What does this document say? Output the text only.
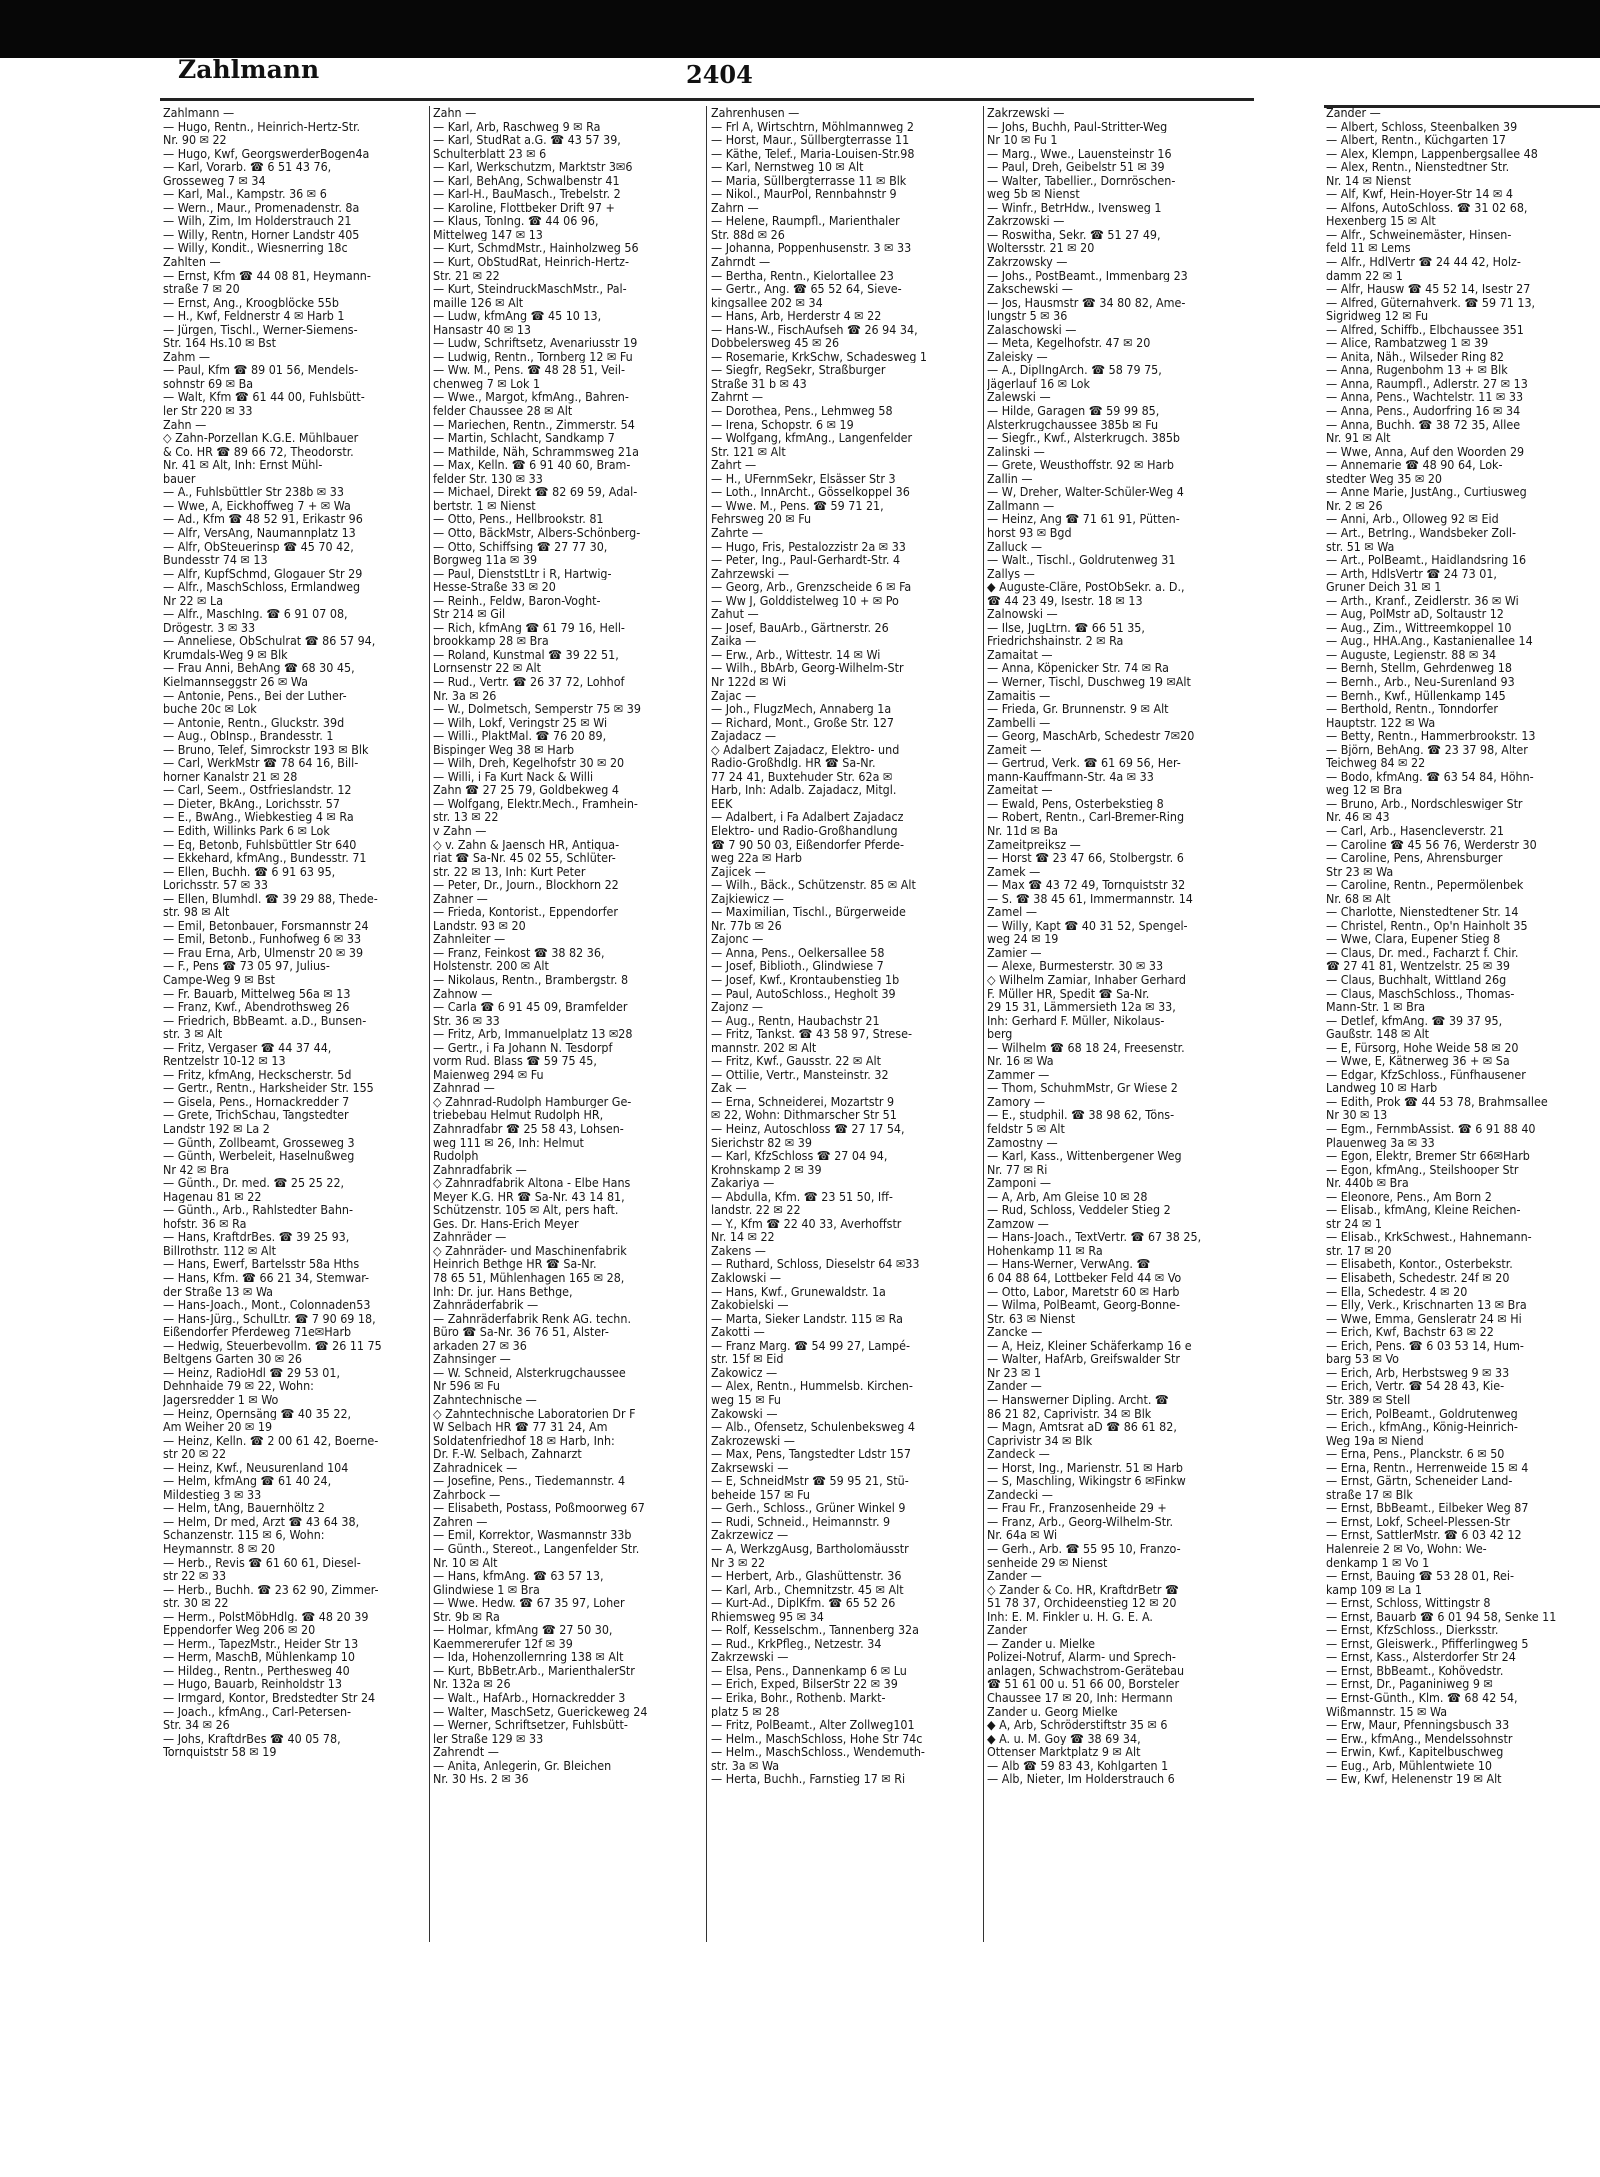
Zahlmann	2404
Zahlmann —
— Hugo, Rentn., Heinrich-Hertz-Str.
Nr. 90 ✉ 22
— Hugo, Kwf, GeorgswerderBogen4a
— Karl, Vorarb. ☎ 6 51 43 76,
Grosseweg 7 ✉ 34
— Karl, Mal., Kampstr. 36 ✉ 6
— Wern., Maur., Promenadenstr. 8a
— Wilh, Zim, Im Holderstrauch 21
— Willy, Rentn, Horner Landstr 405
— Willy, Kondit., Wiesnerring 18c
Zahlten —
— Ernst, Kfm ☎ 44 08 81, Heymann-
straße 7 ✉ 20
— Ernst, Ang., Kroogblöcke 55b
— H., Kwf, Feldnerstr 4 ✉ Harb 1
— Jürgen, Tischl., Werner-Siemens-
Str. 164 Hs.10 ✉ Bst
Zahm —
— Paul, Kfm ☎ 89 01 56, Mendels-
sohnstr 69 ✉ Ba
— Walt, Kfm ☎ 61 44 00, Fuhlsbütt-
ler Str 220 ✉ 33
Zahn —
◇ Zahn-Porzellan K.G.E. Mühlbauer
& Co. HR ☎ 89 66 72, Theodorstr.
Nr. 41 ✉ Alt, Inh: Ernst Mühl-
bauer
— A., Fuhlsbüttler Str 238b ✉ 33
— Wwe, A, Eickhoffweg 7 + ✉ Wa
— Ad., Kfm ☎ 48 52 91, Erikastr 96
— Alfr, VersAng, Naumannplatz 13
— Alfr, ObSteuerinsp ☎ 45 70 42,
Bundesstr 74 ✉ 13
— Alfr, KupfSchmd, Glogauer Str 29
— Alfr., MaschSchloss, Ermlandweg
Nr 22 ✉ La
— Alfr., MaschIng. ☎ 6 91 07 08,
Drögestr. 3 ✉ 33
— Anneliese, ObSchulrat ☎ 86 57 94,
Krumdals-Weg 9 ✉ Blk
— Frau Anni, BehAng ☎ 68 30 45,
Kielmannseggstr 26 ✉ Wa
— Antonie, Pens., Bei der Luther-
buche 20c ✉ Lok
— Antonie, Rentn., Gluckstr. 39d
— Aug., ObInsp., Brandesstr. 1
— Bruno, Telef, Simrockstr 193 ✉ Blk
— Carl, WerkMstr ☎ 78 64 16, Bill-
horner Kanalstr 21 ✉ 28
— Carl, Seem., Ostfrieslandstr. 12
— Dieter, BkAng., Lorichsstr. 57
— E., BwAng., Wiebkestieg 4 ✉ Ra
— Edith, Willinks Park 6 ✉ Lok
— Eq, Betonb, Fuhlsbüttler Str 640
— Ekkehard, kfmAng., Bundesstr. 71
— Ellen, Buchh. ☎ 6 91 63 95,
Lorichsstr. 57 ✉ 33
— Ellen, Blumhdl. ☎ 39 29 88, Thede-
str. 98 ✉ Alt
— Emil, Betonbauer, Forsmannstr 24
— Emil, Betonb., Funhofweg 6 ✉ 33
— Frau Erna, Arb, Ulmenstr 20 ✉ 39
— F., Pens ☎ 73 05 97, Julius-
Campe-Weg 9 ✉ Bst
— Fr. Bauarb, Mittelweg 56a ✉ 13
— Franz, Kwf., Abendrothsweg 26
— Friedrich, BbBeamt. a.D., Bunsen-
str. 3 ✉ Alt
— Fritz, Vergaser ☎ 44 37 44,
Rentzelstr 10-12 ✉ 13
— Fritz, kfmAng, Heckscherstr. 5d
— Gertr., Rentn., Harksheider Str. 155
— Gisela, Pens., Hornackredder 7
— Grete, TrichSchau, Tangstedter
Landstr 192 ✉ La 2
— Günth, Zollbeamt, Grosseweg 3
— Günth, Werbeleit, Haselnußweg
Nr 42 ✉ Bra
— Günth., Dr. med. ☎ 25 25 22,
Hagenau 81 ✉ 22
— Günth., Arb., Rahlstedter Bahn-
hofstr. 36 ✉ Ra
— Hans, KraftdrBes. ☎ 39 25 93,
Billrothstr. 112 ✉ Alt
— Hans, Ewerf, Bartelsstr 58a Hths
— Hans, Kfm. ☎ 66 21 34, Stemwar-
der Straße 13 ✉ Wa
— Hans-Joach., Mont., Colonnaden53
— Hans-Jürg., SchulLtr. ☎ 7 90 69 18,
Eißendorfer Pferdeweg 71e✉Harb
— Hedwig, Steuerbevollm. ☎ 26 11 75
Beltgens Garten 30 ✉ 26
— Heinz, RadioHdl ☎ 29 53 01,
Dehnhaide 79 ✉ 22, Wohn:
Jagersredder 1 ✉ Wo
— Heinz, Opernsäng ☎ 40 35 22,
Am Weiher 20 ✉ 19
— Heinz, Kelln. ☎ 2 00 61 42, Boerne-
str 20 ✉ 22
— Heinz, Kwf., Neusurenland 104
— Helm, kfmAng ☎ 61 40 24,
Mildestieg 3 ✉ 33
— Helm, tAng, Bauernhöltz 2
— Helm, Dr med, Arzt ☎ 43 64 38,
Schanzenstr. 115 ✉ 6, Wohn:
Heymannstr. 8 ✉ 20
— Herb., Revis ☎ 61 60 61, Diesel-
str 22 ✉ 33
— Herb., Buchh. ☎ 23 62 90, Zimmer-
str. 30 ✉ 22
— Herm., PolstMöbHdlg. ☎ 48 20 39
Eppendorfer Weg 206 ✉ 20
— Herm., TapezMstr., Heider Str 13
— Herm, MaschB, Mühlenkamp 10
— Hildeg., Rentn., Perthesweg 40
— Hugo, Bauarb, Reinholdstr 13
— Irmgard, Kontor, Bredstedter Str 24
— Joach., kfmAng., Carl-Petersen-
Str. 34 ✉ 26
— Johs, KraftdrBes ☎ 40 05 78,
Tornquiststr 58 ✉ 19
Zahn —
— Karl, Arb, Raschweg 9 ✉ Ra
— Karl, StudRat a.G. ☎ 43 57 39,
Schulterblatt 23 ✉ 6
— Karl, Werkschutzm, Marktstr 3✉6
— Karl, BehAng, Schwalbenstr 41
— Karl-H., BauMasch., Trebelstr. 2
— Karoline, Flottbeker Drift 97 +
— Klaus, TonIng. ☎ 44 06 96,
Mittelweg 147 ✉ 13
— Kurt, SchmdMstr., Hainholzweg 56
— Kurt, ObStudRat, Heinrich-Hertz-
Str. 21 ✉ 22
— Kurt, SteindruckMaschMstr., Pal-
maille 126 ✉ Alt
— Ludw, kfmAng ☎ 45 10 13,
Hansastr 40 ✉ 13
— Ludw, Schriftsetz, Avenariusstr 19
— Ludwig, Rentn., Tornberg 12 ✉ Fu
— Ww. M., Pens. ☎ 48 28 51, Veil-
chenweg 7 ✉ Lok 1
— Wwe., Margot, kfmAng., Bahren-
felder Chaussee 28 ✉ Alt
— Mariechen, Rentn., Zimmerstr. 54
— Martin, Schlacht, Sandkamp 7
— Mathilde, Näh, Schrammsweg 21a
— Max, Kelln. ☎ 6 91 40 60, Bram-
felder Str. 130 ✉ 33
— Michael, Direkt ☎ 82 69 59, Adal-
bertstr. 1 ✉ Nienst
— Otto, Pens., Hellbrookstr. 81
— Otto, BäckMstr, Albers-Schönberg-
— Otto, Schiffsing ☎ 27 77 30,
Borgweg 11a ✉ 39
— Paul, DienststLtr i R, Hartwig-
Hesse-Straße 33 ✉ 20
— Reinh., Feldw, Baron-Voght-
Str 214 ✉ Gil
— Rich, kfmAng ☎ 61 79 16, Hell-
brookkamp 28 ✉ Bra
— Roland, Kunstmal ☎ 39 22 51,
Lornsenstr 22 ✉ Alt
— Rud., Vertr. ☎ 26 37 72, Lohhof
Nr. 3a ✉ 26
— W., Dolmetsch, Semperstr 75 ✉ 39
— Wilh, Lokf, Veringstr 25 ✉ Wi
— Willi., PlaktMal. ☎ 76 20 89,
Bispinger Weg 38 ✉ Harb
— Wilh, Dreh, Kegelhofstr 30 ✉ 20
— Willi, i Fa Kurt Nack & Willi
Zahn ☎ 27 25 79, Goldbekweg 4
— Wolfgang, Elektr.Mech., Framhein-
str. 13 ✉ 22
v Zahn —
◇ v. Zahn & Jaensch HR, Antiqua-
riat ☎ Sa-Nr. 45 02 55, Schlüter-
str. 22 ✉ 13, Inh: Kurt Peter
— Peter, Dr., Journ., Blockhorn 22
Zahner —
— Frieda, Kontorist., Eppendorfer
Landstr. 93 ✉ 20
Zahnleiter —
— Franz, Feinkost ☎ 38 82 36,
Holstenstr. 200 ✉ Alt
— Nikolaus, Rentn., Brambergstr. 8
Zahnow —
— Carla ☎ 6 91 45 09, Bramfelder
Str. 36 ✉ 33
— Fritz, Arb, Immanuelplatz 13 ✉28
— Gertr., i Fa Johann N. Tesdorpf
vorm Rud. Blass ☎ 59 75 45,
Maienweg 294 ✉ Fu
Zahnrad —
◇ Zahnrad-Rudolph Hamburger Ge-
triebebau Helmut Rudolph HR,
Zahnradfabr ☎ 25 58 43, Lohsen-
weg 111 ✉ 26, Inh: Helmut
Rudolph
Zahnradfabrik —
◇ Zahnradfabrik Altona - Elbe Hans
Meyer K.G. HR ☎ Sa-Nr. 43 14 81,
Schützenstr. 105 ✉ Alt, pers haft.
Ges. Dr. Hans-Erich Meyer
Zahnräder —
◇ Zahnräder- und Maschinenfabrik
Heinrich Bethge HR ☎ Sa-Nr.
78 65 51, Mühlenhagen 165 ✉ 28,
Inh: Dr. jur. Hans Bethge,
Zahnräderfabrik —
— Zahnräderfabrik Renk AG. techn.
Büro ☎ Sa-Nr. 36 76 51, Alster-
arkaden 27 ✉ 36
Zahnsinger —
— W. Schneid, Alsterkrugchaussee
Nr 596 ✉ Fu
Zahntechnische —
◇ Zahntechnische Laboratorien Dr F
W Selbach HR ☎ 77 31 24, Am
Soldatenfriedhof 18 ✉ Harb, Inh:
Dr. F.-W. Selbach, Zahnarzt
Zahradnicek —
— Josefine, Pens., Tiedemannstr. 4
Zahrbock —
— Elisabeth, Postass, Poßmoorweg 67
Zahren —
— Emil, Korrektor, Wasmannstr 33b
— Günth., Stereot., Langenfelder Str.
Nr. 10 ✉ Alt
— Hans, kfmAng. ☎ 63 57 13,
Glindwiese 1 ✉ Bra
— Wwe. Hedw. ☎ 67 35 97, Loher
Str. 9b ✉ Ra
— Holmar, kfmAng ☎ 27 50 30,
Kaemmererufer 12f ✉ 39
— Ida, Hohenzollernring 138 ✉ Alt
— Kurt, BbBetr.Arb., MarienthalerStr
Nr. 132a ✉ 26
— Walt., HafArb., Hornackredder 3
— Walter, MaschSetz, Guerickeweg 24
— Werner, Schriftsetzer, Fuhlsbütt-
ler Straße 129 ✉ 33
Zahrendt —
— Anita, Anlegerin, Gr. Bleichen
Nr. 30 Hs. 2 ✉ 36
Zahrenhusen —
— Frl A, Wirtschtrn, Möhlmannweg 2
— Horst, Maur., Süllbergterrasse 11
— Käthe, Telef., Maria-Louisen-Str.98
— Karl, Nernstweg 10 ✉ Alt
— Maria, Süllbergterrasse 11 ✉ Blk
— Nikol., MaurPol, Rennbahnstr 9
Zahrn —
— Helene, Raumpfl., Marienthaler
Str. 88d ✉ 26
— Johanna, Poppenhusenstr. 3 ✉ 33
Zahrndt —
— Bertha, Rentn., Kielortallee 23
— Gertr., Ang. ☎ 65 52 64, Sieve-
kingsallee 202 ✉ 34
— Hans, Arb, Herderstr 4 ✉ 22
— Hans-W., FischAufseh ☎ 26 94 34,
Dobbelersweg 45 ✉ 26
— Rosemarie, KrkSchw, Schadesweg 1
— Siegfr, RegSekr, Straßburger
Straße 31 b ✉ 43
Zahrnt —
— Dorothea, Pens., Lehmweg 58
— Irena, Schopstr. 6 ✉ 19
— Wolfgang, kfmAng., Langenfelder
Str. 121 ✉ Alt
Zahrt —
— H., UFernmSekr, Elsässer Str 3
— Loth., InnArcht., Gösselkoppel 36
— Wwe. M., Pens. ☎ 59 71 21,
Fehrsweg 20 ✉ Fu
Zahrte —
— Hugo, Fris, Pestalozzistr 2a ✉ 33
— Peter, Ing., Paul-Gerhardt-Str. 4
Zahrzewski —
— Georg, Arb., Grenzscheide 6 ✉ Fa
— Ww J, Golddistelweg 10 + ✉ Po
Zahut —
— Josef, BauArb., Gärtnerstr. 26
Zaika —
— Erw., Arb., Wittestr. 14 ✉ Wi
— Wilh., BbArb, Georg-Wilhelm-Str
Nr 122d ✉ Wi
Zajac —
— Joh., FlugzMech, Annaberg 1a
— Richard, Mont., Große Str. 127
Zajadacz —
◇ Adalbert Zajadacz, Elektro- und
Radio-Großhdlg. HR ☎ Sa-Nr.
77 24 41, Buxtehuder Str. 62a ✉
Harb, Inh: Adalb. Zajadacz, Mitgl.
EEK
— Adalbert, i Fa Adalbert Zajadacz
Elektro- und Radio-Großhandlung
☎ 7 90 50 03, Eißendorfer Pferde-
weg 22a ✉ Harb
Zajicek —
— Wilh., Bäck., Schützenstr. 85 ✉ Alt
Zajkiewicz —
— Maximilian, Tischl., Bürgerweide
Nr. 77b ✉ 26
Zajonc —
— Anna, Pens., Oelkersallee 58
— Josef, Biblioth., Glindwiese 7
— Josef, Kwf., Krontaubenstieg 1b
— Paul, AutoSchloss., Hegholt 39
Zajonz —
— Aug., Rentn, Haubachstr 21
— Fritz, Tankst. ☎ 43 58 97, Strese-
mannstr. 202 ✉ Alt
— Fritz, Kwf., Gausstr. 22 ✉ Alt
— Ottilie, Vertr., Mansteinstr. 32
Zak —
— Erna, Schneiderei, Mozartstr 9
✉ 22, Wohn: Dithmarscher Str 51
— Heinz, Autoschloss ☎ 27 17 54,
Sierichstr 82 ✉ 39
— Karl, KfzSchloss ☎ 27 04 94,
Krohnskamp 2 ✉ 39
Zakariya —
— Abdulla, Kfm. ☎ 23 51 50, Iff-
landstr. 22 ✉ 22
— Y., Kfm ☎ 22 40 33, Averhoffstr
Nr. 14 ✉ 22
Zakens —
— Ruthard, Schloss, Dieselstr 64 ✉33
Zaklowski —
— Hans, Kwf., Grunewaldstr. 1a
Zakobielski —
— Marta, Sieker Landstr. 115 ✉ Ra
Zakotti —
— Franz Marg. ☎ 54 99 27, Lampé-
str. 15f ✉ Eid
Zakowicz —
— Alex, Rentn., Hummelsb. Kirchen-
weg 15 ✉ Fu
Zakowski —
— Alb., Ofensetz, Schulenbeksweg 4
Zakrozewski —
— Max, Pens, Tangstedter Ldstr 157
Zakrsewski —
— E, SchneidMstr ☎ 59 95 21, Stü-
beheide 157 ✉ Fu
— Gerh., Schloss., Grüner Winkel 9
— Rudi, Schneid., Heimannstr. 9
Zakrzewicz —
— A, WerkzgAusg, Bartholomäusstr
Nr 3 ✉ 22
— Herbert, Arb., Glashüttenstr. 36
— Karl, Arb., Chemnitzstr. 45 ✉ Alt
— Kurt-Ad., DiplKfm. ☎ 65 52 26
Rhiemsweg 95 ✉ 34
— Rolf, Kesselschm., Tannenberg 32a
— Rud., KrkPfleg., Netzestr. 34
Zakrzewski —
— Elsa, Pens., Dannenkamp 6 ✉ Lu
— Erich, Exped, BilserStr 22 ✉ 39
— Erika, Bohr., Rothenb. Markt-
platz 5 ✉ 28
— Fritz, PolBeamt., Alter Zollweg101
— Helm., MaschSchloss, Hohe Str 74c
— Helm., MaschSchloss., Wendemuth-
str. 3a ✉ Wa
— Herta, Buchh., Farnstieg 17 ✉ Ri
Zakrzewski —
— Johs, Buchh, Paul-Stritter-Weg
Nr 10 ✉ Fu 1
— Marg., Wwe., Lauensteinstr 16
— Paul, Dreh, Geibelstr 51 ✉ 39
— Walter, Tabellier., Dornröschen-
weg 5b ✉ Nienst
— Winfr., BetrHdw., Ivensweg 1
Zakrzowski —
— Roswitha, Sekr. ☎ 51 27 49,
Woltersstr. 21 ✉ 20
Zakrzowsky —
— Johs., PostBeamt., Immenbarg 23
Zakschewski —
— Jos, Hausmstr ☎ 34 80 82, Ame-
lungstr 5 ✉ 36
Zalaschowski —
— Meta, Kegelhofstr. 47 ✉ 20
Zaleisky —
— A., DiplIngArch. ☎ 58 79 75,
Jägerlauf 16 ✉ Lok
Zalewski —
— Hilde, Garagen ☎ 59 99 85,
Alsterkrugchaussee 385b ✉ Fu
— Siegfr., Kwf., Alsterkrugch. 385b
Zalinski —
— Grete, Weusthoffstr. 92 ✉ Harb
Zallin —
— W, Dreher, Walter-Schüler-Weg 4
Zallmann —
— Heinz, Ang ☎ 71 61 91, Pütten-
horst 93 ✉ Bgd
Zalluck —
— Walt., Tischl., Goldrutenweg 31
Zallys —
◆ Auguste-Cläre, PostObSekr. a. D.,
☎ 44 23 49, Isestr. 18 ✉ 13
Zalnowski —
— Ilse, JugLtrn. ☎ 66 51 35,
Friedrichshainstr. 2 ✉ Ra
Zamaitat —
— Anna, Köpenicker Str. 74 ✉ Ra
— Werner, Tischl, Duschweg 19 ✉Alt
Zamaitis —
— Frieda, Gr. Brunnenstr. 9 ✉ Alt
Zambelli —
— Georg, MaschArb, Schedestr 7✉20
Zameit —
— Gertrud, Verk. ☎ 61 69 56, Her-
mann-Kauffmann-Str. 4a ✉ 33
Zameitat —
— Ewald, Pens, Osterbekstieg 8
— Robert, Rentn., Carl-Bremer-Ring
Nr. 11d ✉ Ba
Zameitpreiksz —
— Horst ☎ 23 47 66, Stolbergstr. 6
Zamek —
— Max ☎ 43 72 49, Tornquiststr 32
— S. ☎ 38 45 61, Immermannstr. 14
Zamel —
— Willy, Kapt ☎ 40 31 52, Spengel-
weg 24 ✉ 19
Zamier —
— Alexe, Burmesterstr. 30 ✉ 33
◇ Wilhelm Zamiar, Inhaber Gerhard
F. Müller HR, Spedit ☎ Sa-Nr.
29 15 31, Lämmersieth 12a ✉ 33,
Inh: Gerhard F. Müller, Nikolaus-
berg
— Wilhelm ☎ 68 18 24, Freesenstr.
Nr. 16 ✉ Wa
Zammer —
— Thom, SchuhmMstr, Gr Wiese 2
Zamory —
— E., studphil. ☎ 38 98 62, Töns-
feldstr 5 ✉ Alt
Zamostny —
— Karl, Kass., Wittenbergener Weg
Nr. 77 ✉ Ri
Zamponi —
— A, Arb, Am Gleise 10 ✉ 28
— Rud, Schloss, Veddeler Stieg 2
Zamzow —
— Hans-Joach., TextVertr. ☎ 67 38 25,
Hohenkamp 11 ✉ Ra
— Hans-Werner, VerwAng. ☎
6 04 88 64, Lottbeker Feld 44 ✉ Vo
— Otto, Labor, Maretstr 60 ✉ Harb
— Wilma, PolBeamt, Georg-Bonne-
Str. 63 ✉ Nienst
Zancke —
— A, Heiz, Kleiner Schäferkamp 16 e
— Walter, HafArb, Greifswalder Str
Nr 23 ✉ 1
Zander —
— Hanswerner Dipling. Archt. ☎
86 21 82, Caprivistr. 34 ✉ Blk
— Magn, Amtsrat aD ☎ 86 61 82,
Caprivistr 34 ✉ Blk
Zandeck —
— Horst, Ing., Marienstr. 51 ✉ Harb
— S, Maschling, Wikingstr 6 ✉Finkw
Zandecki —
— Frau Fr., Franzosenheide 29 +
— Franz, Arb., Georg-Wilhelm-Str.
Nr. 64a ✉ Wi
— Gerh., Arb. ☎ 55 95 10, Franzo-
senheide 29 ✉ Nienst
Zander —
◇ Zander & Co. HR, KraftdrBetr ☎
51 78 37, Orchideenstieg 12 ✉ 20
Inh: E. M. Finkler u. H. G. E. A.
Zander
— Zander u. Mielke
Polizei-Notruf, Alarm- und Sprech-
anlagen, Schwachstrom-Gerätebau
☎ 51 61 00 u. 51 66 00, Borsteler
Chaussee 17 ✉ 20, Inh: Hermann
Zander u. Georg Mielke
◆ A, Arb, Schröderstiftstr 35 ✉ 6
◆ A. u. M. Goy ☎ 38 69 34,
Ottenser Marktplatz 9 ✉ Alt
— Alb ☎ 59 83 43, Kohlgarten 1
— Alb, Nieter, Im Holderstrauch 6
Zander —
— Albert, Schloss, Steenbalken 39
— Albert, Rentn., Küchgarten 17
— Alex, Klempn, Lappenbergsallee 48
— Alex, Rentn., Nienstedtner Str.
Nr. 14 ✉ Nienst
— Alf, Kwf, Hein-Hoyer-Str 14 ✉ 4
— Alfons, AutoSchloss. ☎ 31 02 68,
Hexenberg 15 ✉ Alt
— Alfr., Schweinemäster, Hinsen-
feld 11 ✉ Lems
— Alfr., HdlVertr ☎ 24 44 42, Holz-
damm 22 ✉ 1
— Alfr, Hausw ☎ 45 52 14, Isestr 27
— Alfred, Güternahverk. ☎ 59 71 13,
Sigridweg 12 ✉ Fu
— Alfred, Schiffb., Elbchaussee 351
— Alice, Rambatzweg 1 ✉ 39
— Anita, Näh., Wilseder Ring 82
— Anna, Rugenbohm 13 + ✉ Blk
— Anna, Raumpfl., Adlerstr. 27 ✉ 13
— Anna, Pens., Wachtelstr. 11 ✉ 33
— Anna, Pens., Audorfring 16 ✉ 34
— Anna, Buchh. ☎ 38 72 35, Allee
Nr. 91 ✉ Alt
— Wwe, Anna, Auf den Woorden 29
— Annemarie ☎ 48 90 64, Lok-
stedter Weg 35 ✉ 20
— Anne Marie, JustAng., Curtiusweg
Nr. 2 ✉ 26
— Anni, Arb., Olloweg 92 ✉ Eid
— Art., BetrIng., Wandsbeker Zoll-
str. 51 ✉ Wa
— Art., PolBeamt., Haidlandsring 16
— Arth, HdlsVertr ☎ 24 73 01,
Gruner Deich 31 ✉ 1
— Arth., Kranf., Zeidlerstr. 36 ✉ Wi
— Aug, PolMstr aD, Soltaustr 12
— Aug., Zim., Wittreemkoppel 10
— Aug., HHA.Ang., Kastanienallee 14
— Auguste, Legienstr. 88 ✉ 34
— Bernh, Stellm, Gehrdenweg 18
— Bernh., Arb., Neu-Surenland 93
— Bernh., Kwf., Hüllenkamp 145
— Berthold, Rentn., Tonndorfer
Hauptstr. 122 ✉ Wa
— Betty, Rentn., Hammerbrookstr. 13
— Björn, BehAng. ☎ 23 37 98, Alter
Teichweg 84 ✉ 22
— Bodo, kfmAng. ☎ 63 54 84, Höhn-
weg 12 ✉ Bra
— Bruno, Arb., Nordschleswiger Str
Nr. 46 ✉ 43
— Carl, Arb., Hasencleverstr. 21
— Caroline ☎ 45 56 76, Werderstr 30
— Caroline, Pens, Ahrensburger
Str 23 ✉ Wa
— Caroline, Rentn., Pepermölenbek
Nr. 68 ✉ Alt
— Charlotte, Nienstedtener Str. 14
— Christel, Rentn., Op'n Hainholt 35
— Wwe, Clara, Eupener Stieg 8
— Claus, Dr. med., Facharzt f. Chir.
☎ 27 41 81, Wentzelstr. 25 ✉ 39
— Claus, Buchhalt, Wittland 26g
— Claus, MaschSchloss., Thomas-
Mann-Str. 1 ✉ Bra
— Detlef, kfmAng. ☎ 39 37 95,
Gaußstr. 148 ✉ Alt
— E, Fürsorg, Hohe Weide 58 ✉ 20
— Wwe, E, Kätnerweg 36 + ✉ Sa
— Edgar, KfzSchloss., Fünfhausener
Landweg 10 ✉ Harb
— Edith, Prok ☎ 44 53 78, Brahmsallee
Nr 30 ✉ 13
— Egm., FernmbAssist. ☎ 6 91 88 40
Plauenweg 3a ✉ 33
— Egon, Elektr, Bremer Str 66✉Harb
— Egon, kfmAng., Steilshooper Str
Nr. 440b ✉ Bra
— Eleonore, Pens., Am Born 2
— Elisab., kfmAng, Kleine Reichen-
str 24 ✉ 1
— Elisab., KrkSchwest., Hahnemann-
str. 17 ✉ 20
— Elisabeth, Kontor., Osterbekstr.
— Elisabeth, Schedestr. 24f ✉ 20
— Ella, Schedestr. 4 ✉ 20
— Elly, Verk., Krischnarten 13 ✉ Bra
— Wwe, Emma, Gensleratr 24 ✉ Hi
— Erich, Kwf, Bachstr 63 ✉ 22
— Erich, Pens. ☎ 6 03 53 14, Hum-
barg 53 ✉ Vo
— Erich, Arb, Herbstsweg 9 ✉ 33
— Erich, Vertr. ☎ 54 28 43, Kie-
Str. 389 ✉ Stell
— Erich, PolBeamt., Goldrutenweg
— Erich., kfmAng., König-Heinrich-
Weg 19a ✉ Niend
— Erna, Pens., Planckstr. 6 ✉ 50
— Erna, Rentn., Herrenweide 15 ✉ 4
— Ernst, Gärtn, Scheneider Land-
straße 17 ✉ Blk
— Ernst, BbBeamt., Eilbeker Weg 87
— Ernst, Lokf, Scheel-Plessen-Str
— Ernst, SattlerMstr. ☎ 6 03 42 12
Halenreie 2 ✉ Vo, Wohn: We-
denkamp 1 ✉ Vo 1
— Ernst, Bauing ☎ 53 28 01, Rei-
kamp 109 ✉ La 1
— Ernst, Schloss, Wittingstr 8
— Ernst, Bauarb ☎ 6 01 94 58, Senke 11
— Ernst, KfzSchloss., Dierksstr.
— Ernst, Gleiswerk., Pfifferlingweg 5
— Ernst, Kass., Alsterdorfer Str 24
— Ernst, BbBeamt., Kohövedstr.
— Ernst, Dr., Paganiniweg 9 ✉
— Ernst-Günth., Klm. ☎ 68 42 54,
Wißmannstr. 15 ✉ Wa
— Erw, Maur, Pfenningsbusch 33
— Erw., kfmAng., Mendelssohnstr
— Erwin, Kwf., Kapitelbuschweg
— Eug., Arb, Mühlentwiete 10
— Ew, Kwf, Helenenstr 19 ✉ Alt
